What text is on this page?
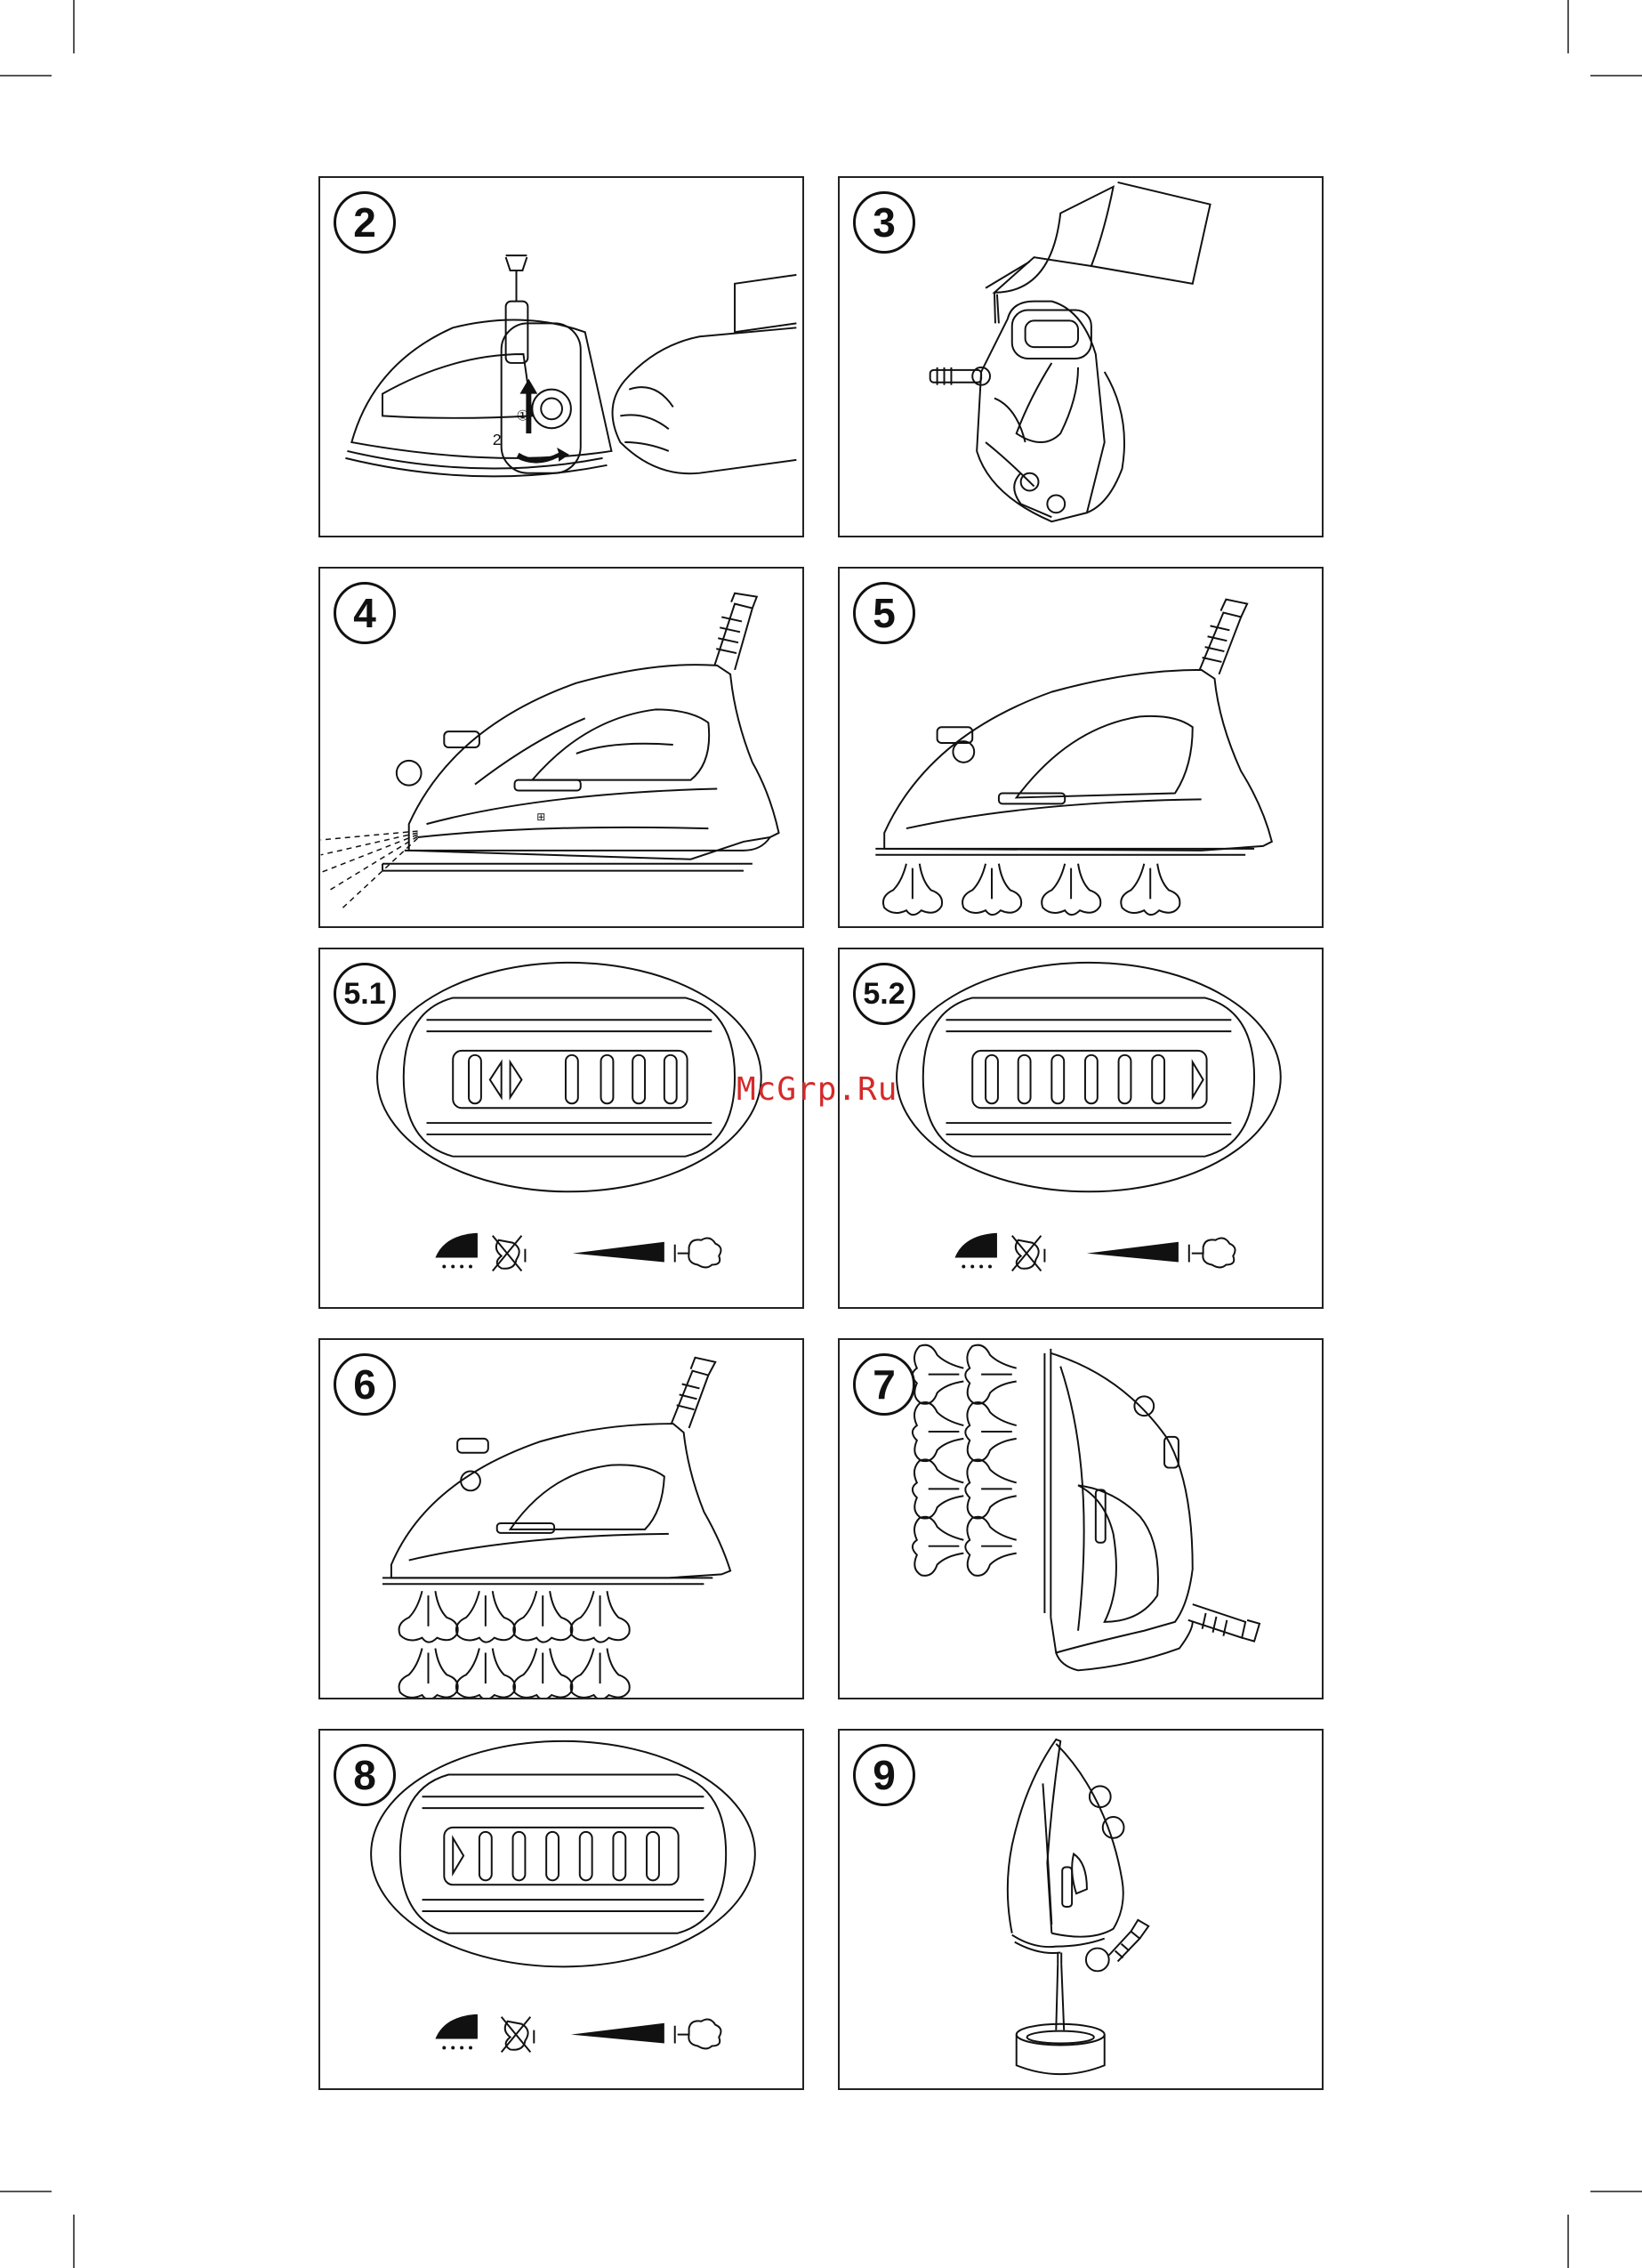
①
2
2	3
⊞
4	5
5.1	5.2
6	7
8	9
McGrp.Ru
